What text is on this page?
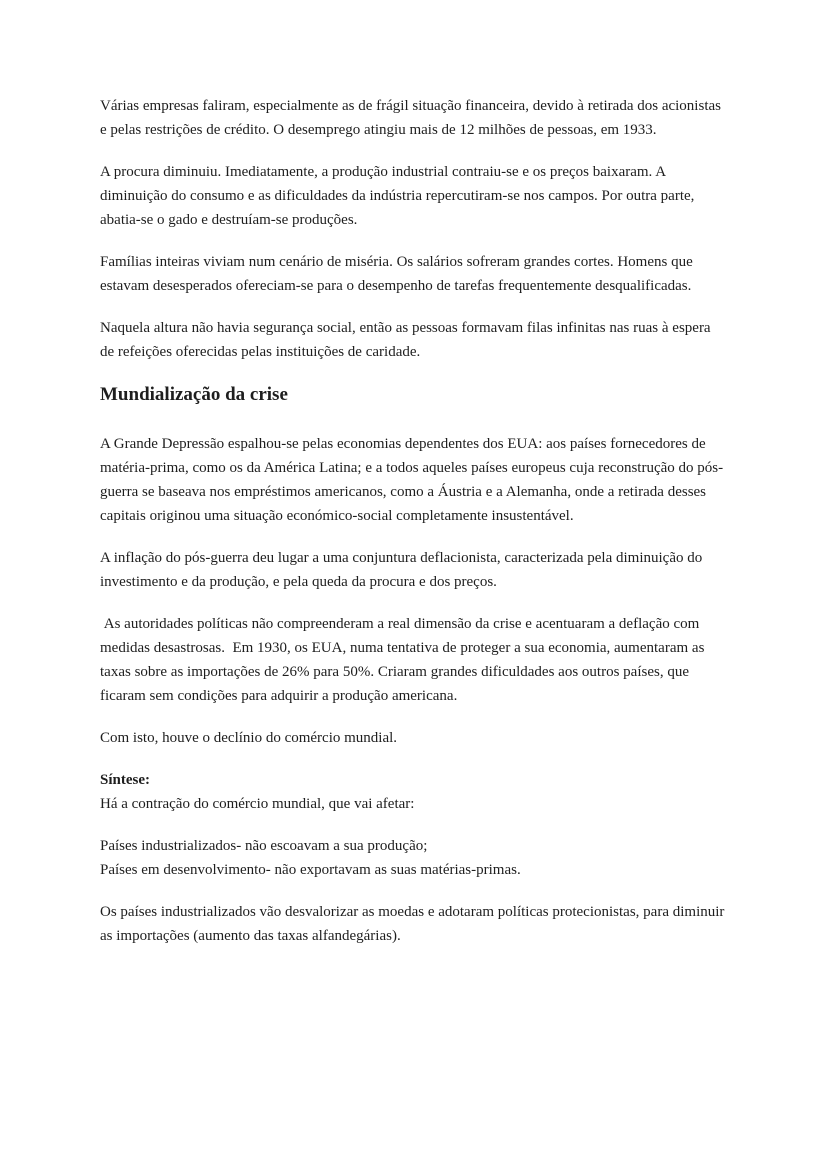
Várias empresas faliram, especialmente as de frágil situação financeira, devido à retirada dos acionistas e pelas restrições de crédito. O desemprego atingiu mais de 12 milhões de pessoas, em 1933.

A procura diminuiu. Imediatamente, a produção industrial contraiu-se e os preços baixaram. A diminuição do consumo e as dificuldades da indústria repercutiram-se nos campos. Por outra parte, abatia-se o gado e destruíam-se produções.

Famílias inteiras viviam num cenário de miséria. Os salários sofreram grandes cortes. Homens que estavam desesperados ofereciam-se para o desempenho de tarefas frequentemente desqualificadas.

Naquela altura não havia segurança social, então as pessoas formavam filas infinitas nas ruas à espera de refeições oferecidas pelas instituições de caridade.

Mundialização da crise

A Grande Depressão espalhou-se pelas economias dependentes dos EUA: aos países fornecedores de matéria-prima, como os da América Latina; e a todos aqueles países europeus cuja reconstrução do pós-guerra se baseava nos empréstimos americanos, como a Áustria e a Alemanha, onde a retirada desses capitais originou uma situação económico-social completamente insustentável.

A inflação do pós-guerra deu lugar a uma conjuntura deflacionista, caracterizada pela diminuição do investimento e da produção, e pela queda da procura e dos preços.

As autoridades políticas não compreenderam a real dimensão da crise e acentuaram a deflação com medidas desastrosas.  Em 1930, os EUA, numa tentativa de proteger a sua economia, aumentaram as taxas sobre as importações de 26% para 50%. Criaram grandes dificuldades aos outros países, que ficaram sem condições para adquirir a produção americana.

Com isto, houve o declínio do comércio mundial.

Síntese:

Há a contração do comércio mundial, que vai afetar:

Países industrializados- não escoavam a sua produção;
Países em desenvolvimento- não exportavam as suas matérias-primas.

Os países industrializados vão desvalorizar as moedas e adotaram políticas protecionistas, para diminuir as importações (aumento das taxas alfandegárias).
